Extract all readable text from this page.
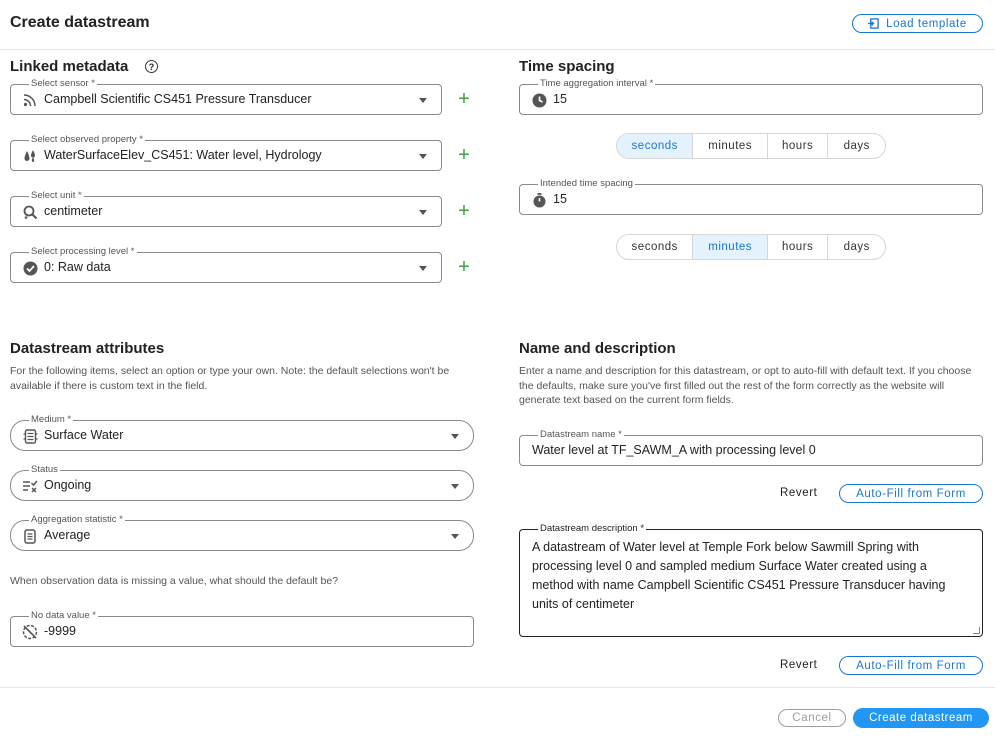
Create datastream	Load template
Linked metadata	?
Select sensor *
Campbell Scientific CS451 Pressure Transducer	+
Select observed property *
WaterSurfaceElev_CS451: Water level, Hydrology	+
Select unit *
centimeter	+
Select processing level *
0: Raw data	+
Time spacing
Time aggregation interval *
15
seconds	minutes	hours	days
Intended time spacing
15
seconds	minutes	hours	days
Datastream attributes
For the following items, select an option or type your own. Note: the default selections won't be available if there is custom text in the field.
Medium *
Surface Water
Status
Ongoing
Aggregation statistic *
Average
When observation data is missing a value, what should the default be?
No data value *
-9999
Name and description
Enter a name and description for this datastream, or opt to auto-fill with default text. If you choose the defaults, make sure you've first filled out the rest of the form correctly as the website will generate text based on the current form fields.
Datastream name *
Water level at TF_SAWM_A with processing level 0
Revert	Auto-Fill from Form
Datastream description *
A datastream of Water level at Temple Fork below Sawmill Spring with processing level 0 and sampled medium Surface Water created using a method with name Campbell Scientific CS451 Pressure Transducer having units of centimeter
Revert	Auto-Fill from Form
Cancel	Create datastream
